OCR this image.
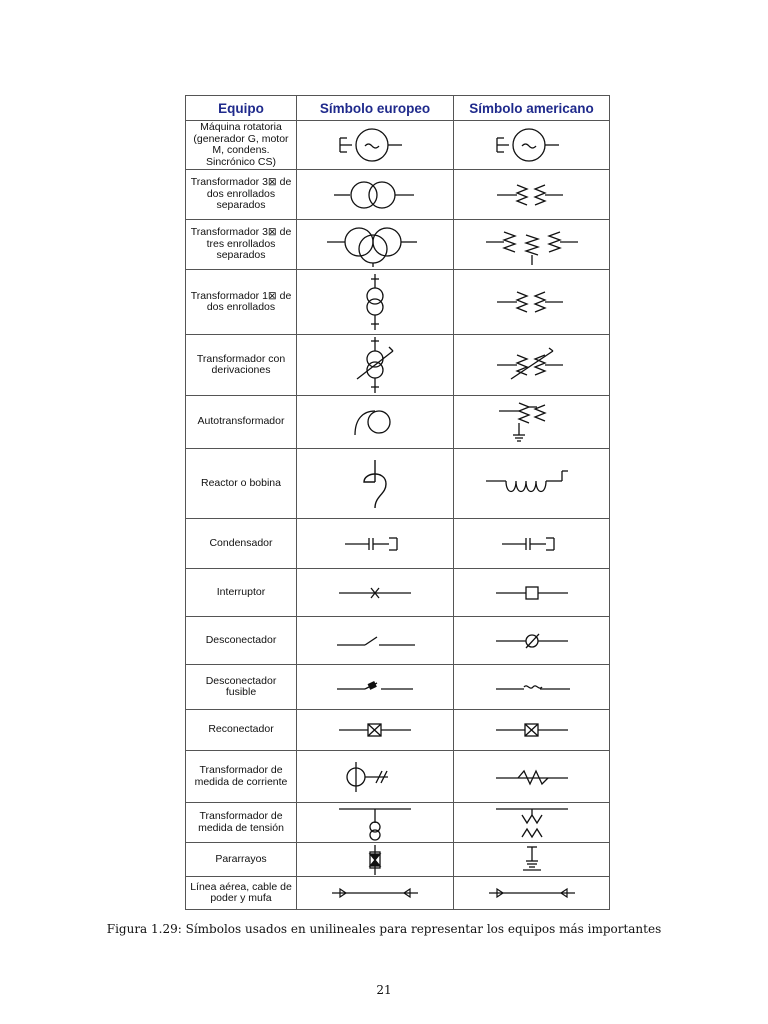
Equipo	Símbolo europeo	Símbolo americano
Máquina rotatoria (generador G, motor M, condens. Sincrónico CS)	

Transformador 3⊠ de dos enrollados separados	

Transformador 3⊠ de tres enrollados separados	

Transformador 1⊠ de dos enrollados	

Transformador con derivaciones	

Autotransformador	

Reactor o bobina	

Condensador	

Interruptor	

Desconectador	

Desconectador fusible	

Reconectador	

Transformador de medida de corriente	

Transformador de medida de tensión	

Pararrayos	

Línea aérea, cable de poder y mufa	

Figura 1.29: Símbolos usados en unilineales para representar los equipos más importantes
21
